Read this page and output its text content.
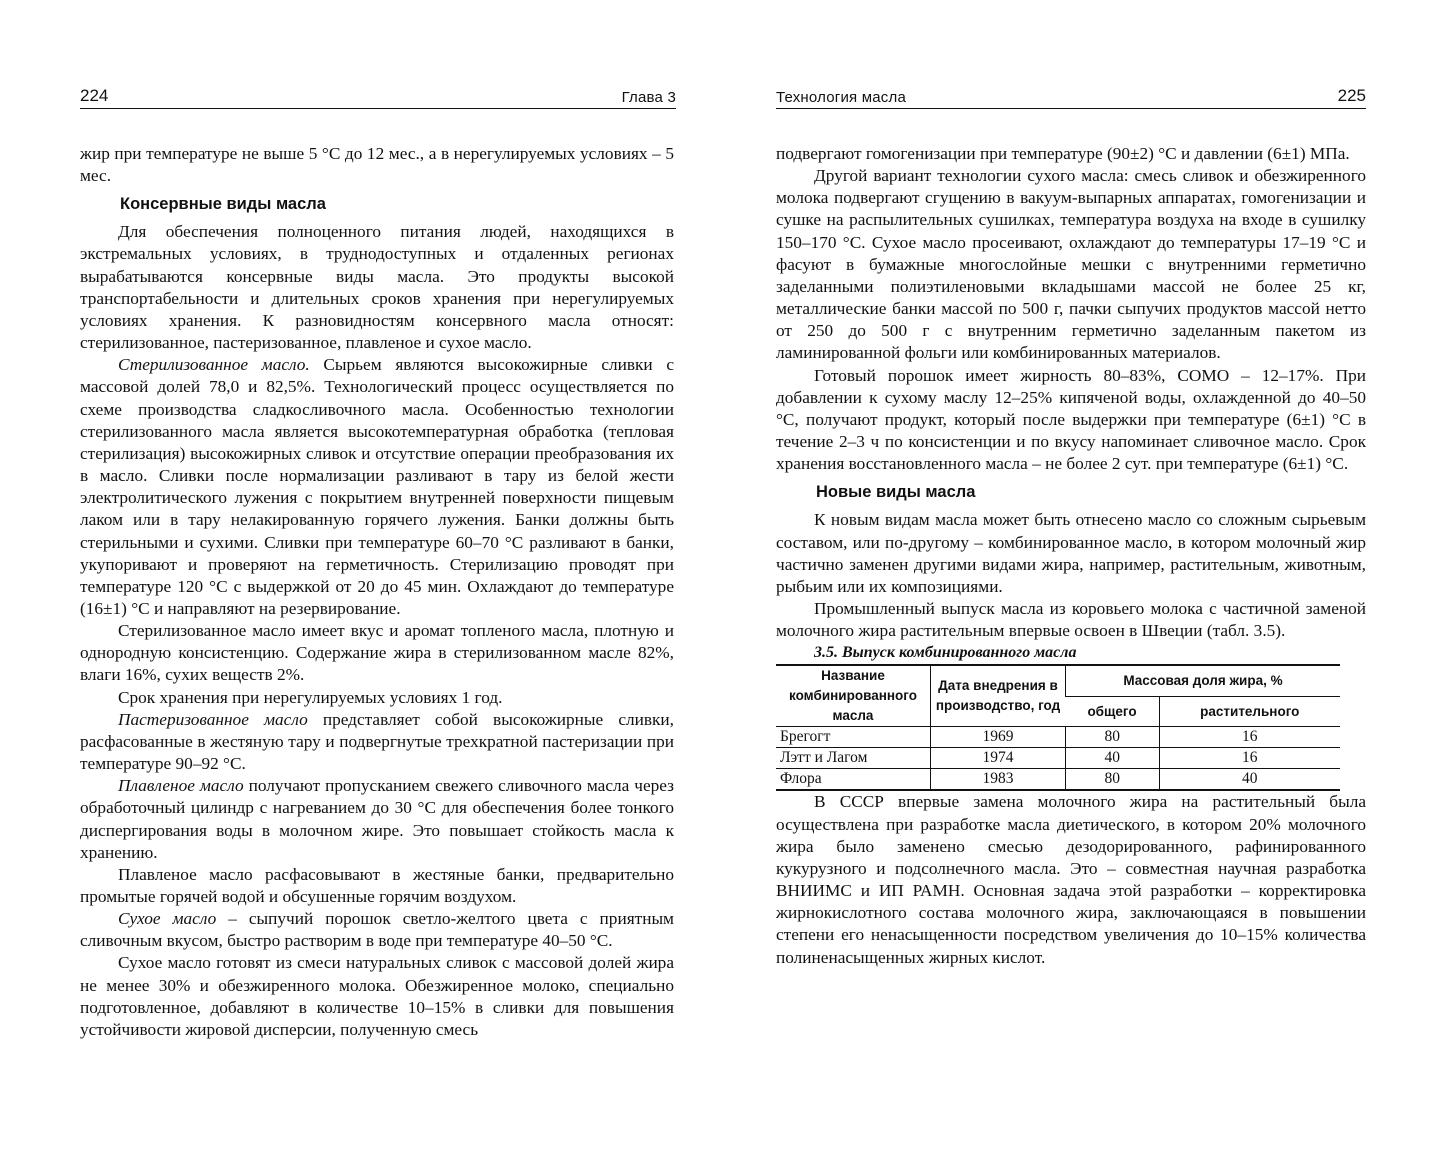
224	Глава 3

жир при температуре не выше 5 °С до 12 мес., а в нерегулируемых условиях – 5 мес.

Консервные виды масла

Для обеспечения полноценного питания людей, находящихся в экстремальных условиях, в труднодоступных и отдаленных регионах вырабатываются консервные виды масла. Это продукты высокой транспортабельности и длительных сроков хранения при нерегулируемых условиях хранения. К разновидностям консервного масла относят: стерилизованное, пастеризованное, плавленое и сухое масло.

Стерилизованное масло. Сырьем являются высокожирные сливки с массовой долей 78,0 и 82,5%. Технологический процесс осуществляется по схеме производства сладкосливочного масла. Особенностью технологии стерилизованного масла является высокотемпературная обработка (тепловая стерилизация) высокожирных сливок и отсутствие операции преобразования их в масло. Сливки после нормализации разливают в тару из белой жести электролитического лужения с покрытием внутренней поверхности пищевым лаком или в тару нелакированную горячего лужения. Банки должны быть стерильными и сухими. Сливки при температуре 60–70 °С разливают в банки, укупоривают и проверяют на герметичность. Стерилизацию проводят при температуре 120 °С с выдержкой от 20 до 45 мин. Охлаждают до температуре (16±1) °С и направляют на резервирование.

Стерилизованное масло имеет вкус и аромат топленого масла, плотную и однородную консистенцию. Содержание жира в стерилизованном масле 82%, влаги 16%, сухих веществ 2%.

Срок хранения при нерегулируемых условиях 1 год.

Пастеризованное масло представляет собой высокожирные сливки, расфасованные в жестяную тару и подвергнутые трехкратной пастеризации при температуре 90–92 °С.

Плавленое масло получают пропусканием свежего сливочного масла через обработочный цилиндр с нагреванием до 30 °С для обеспечения более тонкого диспергирования воды в молочном жире. Это повышает стойкость масла к хранению.

Плавленое масло расфасовывают в жестяные банки, предварительно промытые горячей водой и обсушенные горячим воздухом.

Сухое масло – сыпучий порошок светло-желтого цвета с приятным сливочным вкусом, быстро растворим в воде при температуре 40–50 °С.

Сухое масло готовят из смеси натуральных сливок с массовой долей жира не менее 30% и обезжиренного молока. Обезжиренное молоко, специально подготовленное, добавляют в количестве 10–15% в сливки для повышения устойчивости жировой дисперсии, полученную смесь

Технология масла	225

подвергают гомогенизации при температуре (90±2) °С и давлении (6±1) МПа.

Другой вариант технологии сухого масла: смесь сливок и обезжиренного молока подвергают сгущению в вакуум-выпарных аппаратах, гомогенизации и сушке на распылительных сушилках, температура воздуха на входе в сушилку 150–170 °С. Сухое масло просеивают, охлаждают до температуры 17–19 °С и фасуют в бумажные многослойные мешки с внутренними герметично заделанными полиэтиленовыми вкладышами массой не более 25 кг, металлические банки массой по 500 г, пачки сыпучих продуктов массой нетто от 250 до 500 г с внутренним герметично заделанным пакетом из ламинированной фольги или комбинированных материалов.

Готовый порошок имеет жирность 80–83%, СОМО – 12–17%. При добавлении к сухому маслу 12–25% кипяченой воды, охлажденной до 40–50 °С, получают продукт, который после выдержки при температуре (6±1) °С в течение 2–3 ч по консистенции и по вкусу напоминает сливочное масло. Срок хранения восстановленного масла – не более 2 сут. при температуре (6±1) °С.

Новые виды масла

К новым видам масла может быть отнесено масло со сложным сырьевым составом, или по-другому – комбинированное масло, в котором молочный жир частично заменен другими видами жира, например, растительным, животным, рыбьим или их композициями.

Промышленный выпуск масла из коровьего молока с частичной заменой молочного жира растительным впервые освоен в Швеции (табл. 3.5).

3.5. Выпуск комбинированного масла

Название комбинированного масла	Дата внедрения в производство, год	Массовая доля жира, %	
		общего	растительного
Брегогт	1969	80	16
Лэтт и Лагом	1974	40	16
Флора	1983	80	40

В СССР впервые замена молочного жира на растительный была осуществлена при разработке масла диетического, в котором 20% молочного жира было заменено смесью дезодорированного, рафинированного кукурузного и подсолнечного масла. Это – совместная научная разработка ВНИИМС и ИП РАМН. Основная задача этой разработки – корректировка жирнокислотного состава молочного жира, заключающаяся в повышении степени его ненасыщенности посредством увеличения до 10–15% количества полиненасыщенных жирных кислот.
